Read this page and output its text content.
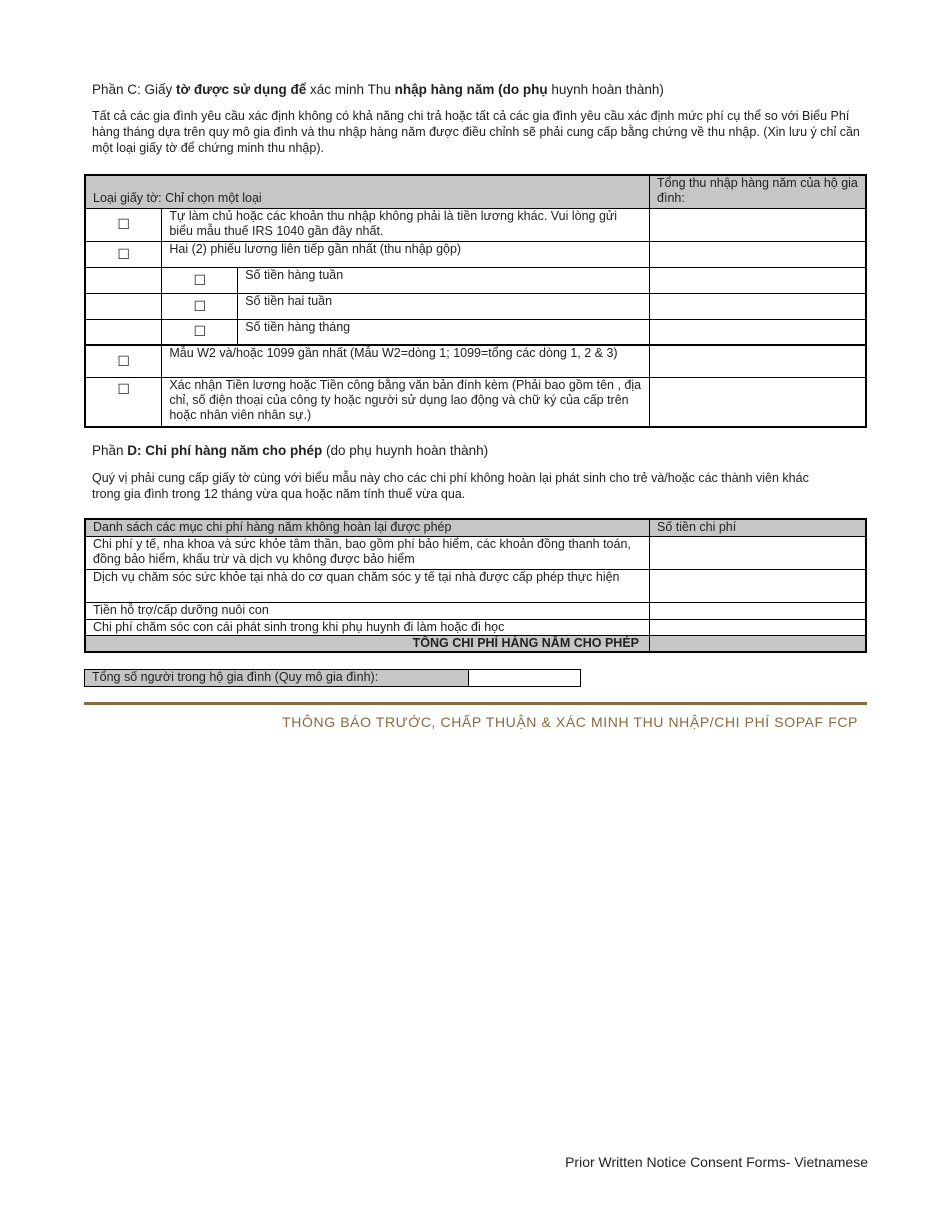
Phần C: Giấy tờ được sử dụng để xác minh Thu nhập hàng năm (do phụ huynh hoàn thành)
Tất cả các gia đình yêu cầu xác định không có khả năng chi trả hoặc tất cả các gia đình yêu cầu xác định mức phí cụ thể so với Biểu Phí hàng tháng dựa trên quy mô gia đình và thu nhập hàng năm được điều chỉnh sẽ phải cung cấp bằng chứng về thu nhập. (Xin lưu ý chỉ cần một loại giấy tờ để chứng minh thu nhập).
Loại giấy tờ: Chỉ chọn một loại			Tổng thu nhập hàng năm của hộ gia đình:
☐	Tự làm chủ hoặc các khoản thu nhập không phải là tiền lương khác. Vui lòng gửi biểu mẫu thuế IRS 1040 gần đây nhất.		
☐	Hai (2) phiếu lương liên tiếp gần nhất (thu nhập gộp)		
	☐	Số tiền hàng tuần	
	☐	Số tiền hai tuần	
	☐	Số tiền hàng tháng	
☐	Mẫu W2 và/hoặc 1099 gần nhất (Mẫu W2=dòng 1; 1099=tổng các dòng 1, 2 & 3)		
☐	Xác nhận Tiền lương hoặc Tiền công bằng văn bản đính kèm (Phải bao gồm tên , địa chỉ, số điện thoại của công ty hoặc người sử dụng lao động và chữ ký của cấp trên hoặc nhân viên nhân sự.)		
Phần D: Chi phí hàng năm cho phép (do phụ huynh hoàn thành)
Quý vị phải cung cấp giấy tờ cùng với biểu mẫu này cho các chi phí không hoàn lại phát sinh cho trẻ và/hoặc các thành viên khác trong gia đình trong 12 tháng vừa qua hoặc năm tính thuế vừa qua.
Danh sách các mục chi phí hàng năm không hoàn lại được phép	Số tiền chi phí
Chi phí y tế, nha khoa và sức khỏe tâm thần, bao gồm phí bảo hiểm, các khoản đồng thanh toán, đồng bảo hiểm, khấu trừ và dịch vụ không được bảo hiểm	
Dịch vụ chăm sóc sức khỏe tại nhà do cơ quan chăm sóc y tế tại nhà được cấp phép thực hiện	
Tiền hỗ trợ/cấp dưỡng nuôi con	
Chi phí chăm sóc con cái phát sinh trong khi phụ huynh đi làm hoặc đi học	
TỔNG CHI PHÍ HÀNG NĂM CHO PHÉP	
Tổng số người trong hộ gia đình (Quy mô gia đình):	
THÔNG BÁO TRƯỚC, CHẤP THUẬN & XÁC MINH THU NHẬP/CHI PHÍ SOPAF FCP
Prior Written Notice Consent Forms- Vietnamese
